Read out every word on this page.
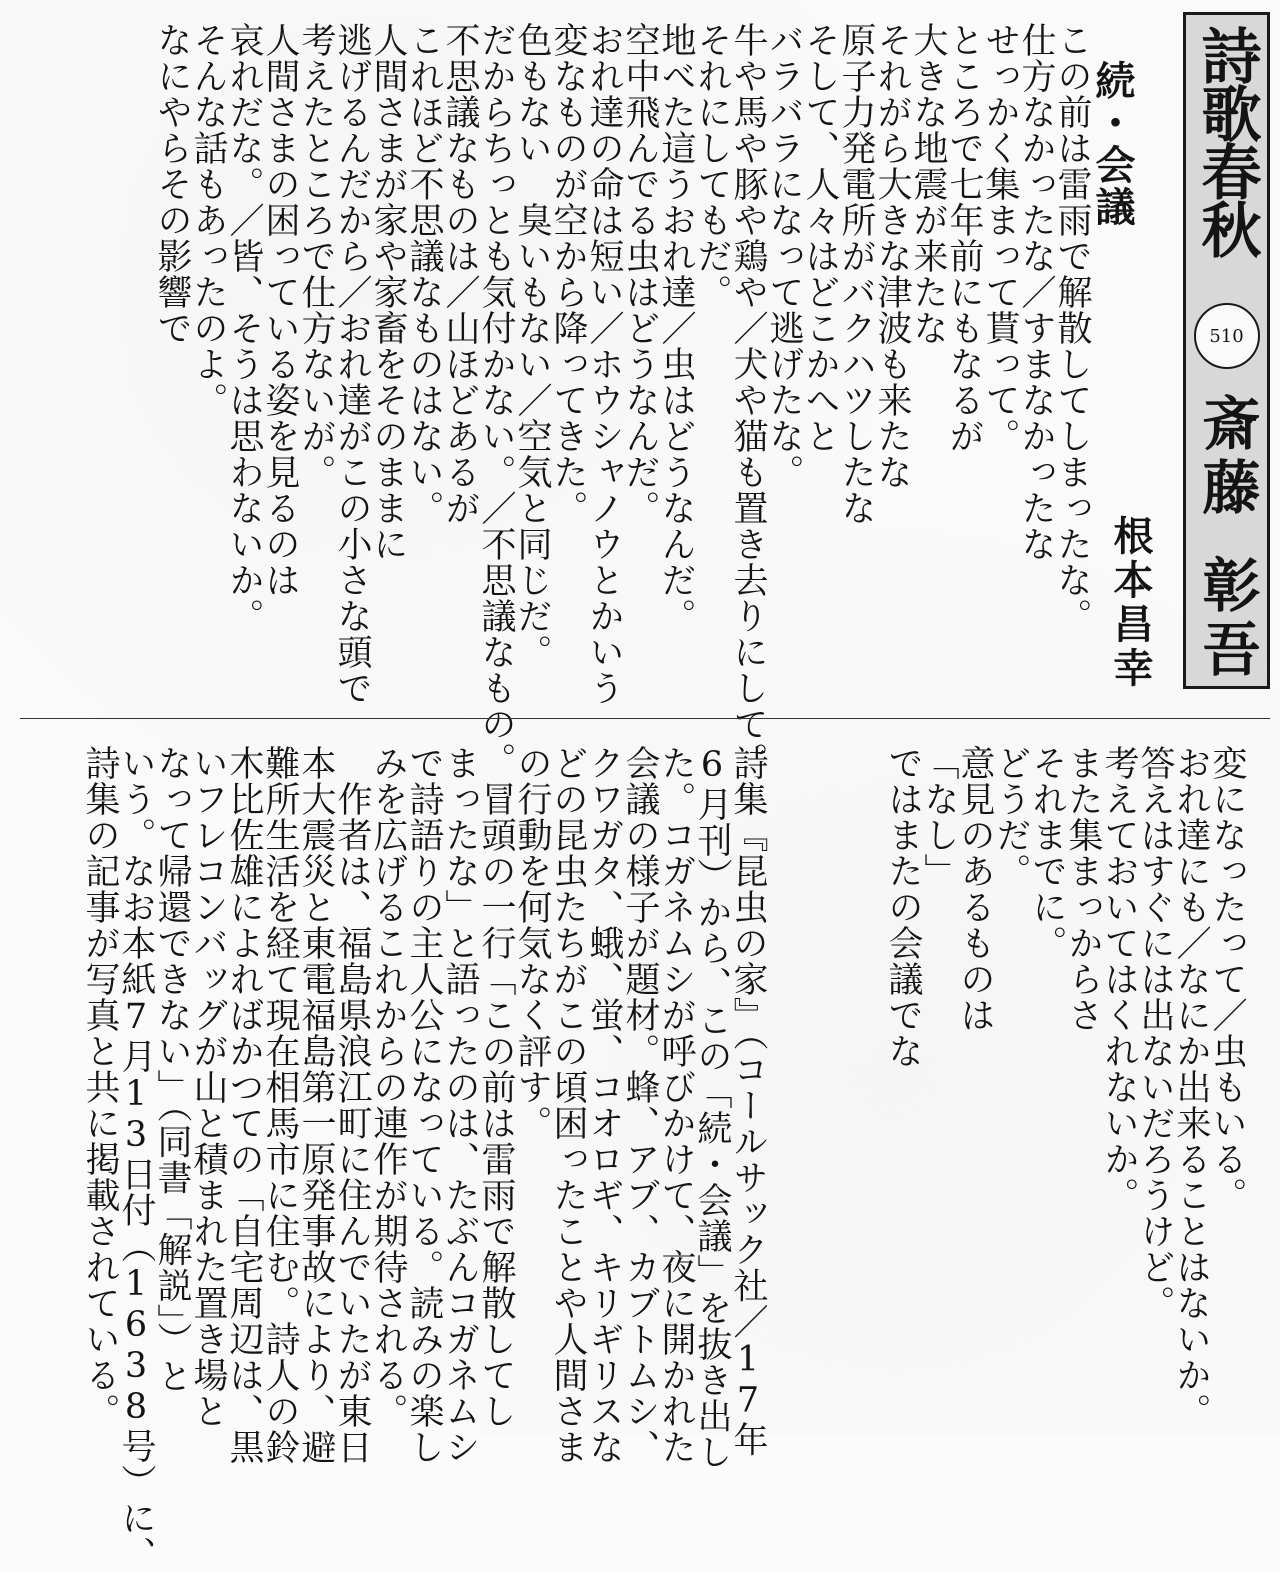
詩歌春秋
510
斎藤彰吾
続・会議
根本昌幸
この前は雷雨で解散してしまったな。
仕方なかったな／すまなかったな
せっかく集まって貰って。
ところで七年前にもなるが
大きな地震が来たな
それがら大きな津波も来たな
原子力発電所がバクハツしたな
そして、人々はどこかへと
バラバラになって逃げたな。
牛や馬や豚や鶏や／犬や猫も置き去りにして。
それにしてもだ。
地べた這うおれ達／虫はどうなんだ。
空中飛んでる虫はどうなんだ。
おれ達の命は短い／ホウシャノウとかいう
変なものが空から降ってきた。
色もない　臭いもない／空気と同じだ。
だからちっとも気付かない。／不思議なもの。
不思議なものは／山ほどあるが
これほど不思議なものはない。
人間さまが家や家畜をそのままに
逃げるんだから／おれ達がこの小さな頭で
考えたところで仕方ないが。
人間さまの困っている姿を見るのは
哀れだな。／皆、そうは思わないか。
そんな話もあったのよ。
なにやらその影響で
変になったって／虫もいる。
おれ達にも／なにか出来ることはないか。
答えはすぐには出ないだろうけど。
考えておいてはくれないか。
また集まっからさ
それまでに。
どうだ。
意見のあるものは
「なし」
ではまたの会議でな

詩集『昆虫の家』（コールサック社／17年
6月刊）から、この「続・会議」を抜き出し
た。コガネムシが呼びかけて、夜に開かれた
会議の様子が題材。蜂、アブ、カブトムシ、
クワガタ、蛾、蛍、コオロギ、キリギリスな
どの昆虫たちがこの頃困ったことや人間さま
の行動を何気なく評す。
　冒頭の一行「この前は雷雨で解散してし
まったな」と語ったのは、たぶんコガネムシ
で詩語りの主人公になっている。読みの楽し
みを広げるこれからの連作が期待される。
　作者は、福島県浪江町に住んでいたが東日
本大震災と東電福島第一原発事故により、避
難所生活を経て現在相馬市に住む。詩人の鈴
木比佐雄によればかつての「自宅周辺は、黒
いフレコンバッグが山と積まれた置き場と
なって帰還できない」（同書「解説」）と
いう。なお本紙7月13日付（1638号）に、
詩集の記事が写真と共に掲載されている。
